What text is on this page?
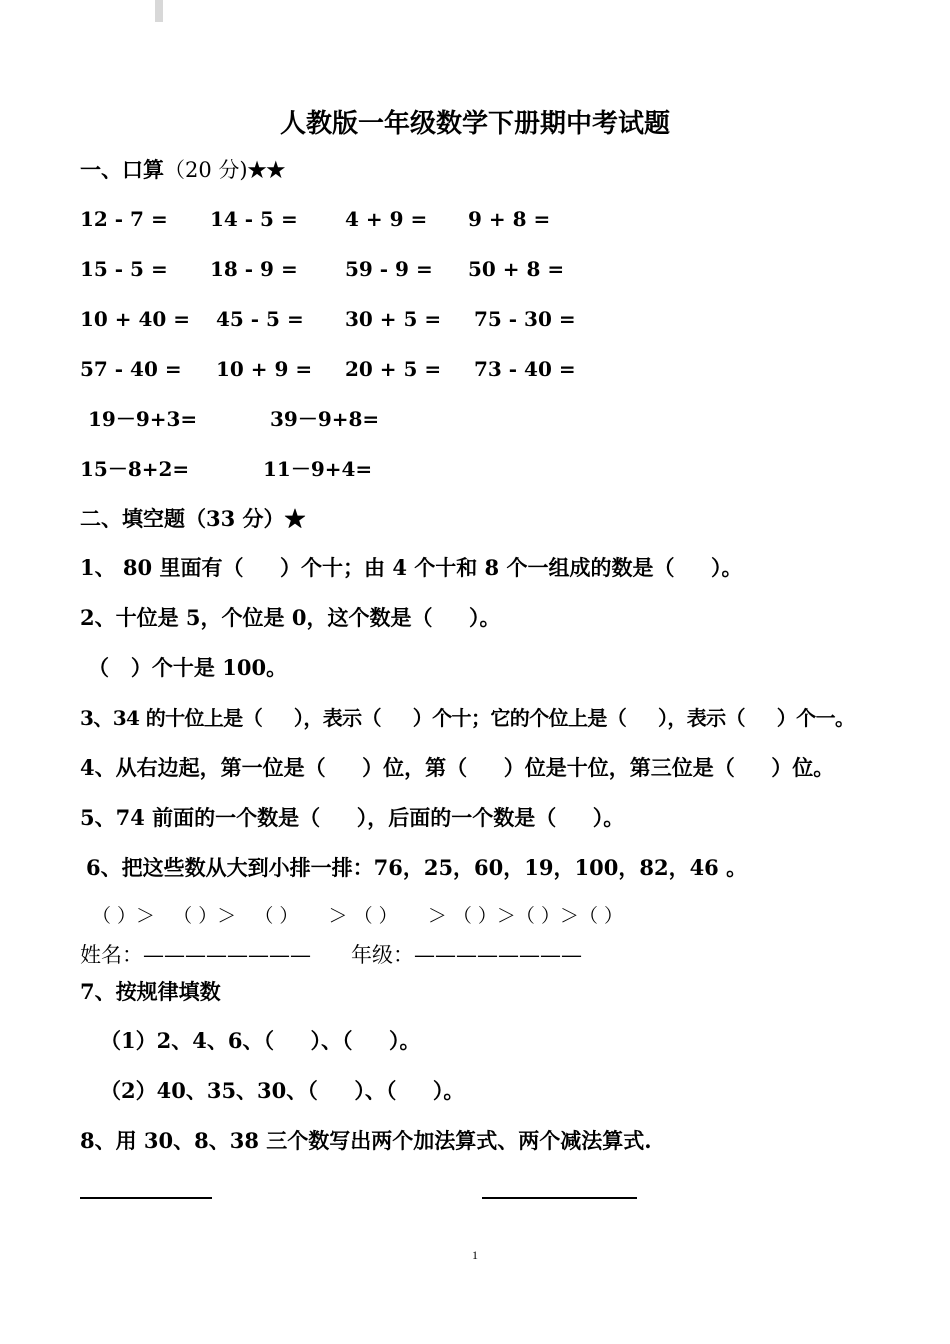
人教版一年级数学下册期中考试题
一、口算（20 分)★★
12 - 7 = 14 - 5 = 4 + 9 = 9 + 8 =
15 - 5 = 18 - 9 = 59 - 9 = 50 + 8 =
10 + 40 = 45 - 5 = 30 + 5 = 75 - 30 =
57 - 40 = 10 + 9 = 20 + 5 = 73 - 40 =
19－9+3=	39－9+8=
15－8+2=	11－9+4=
二、填空题（33 分）★
1、 80 里面有（     ）个十；由 4 个十和 8 个一组成的数是（     ）。
2、十位是 5，个位是 0，这个数是（     ）。
（   ）个十是 100。
3、34 的十位上是（     ），表示（     ）个十；它的个位上是（     ），表示（     ）个一。
4、从右边起，第一位是（     ）位，第（     ）位是十位，第三位是（     ）位。
5、74 前面的一个数是（     ），后面的一个数是（     ）。
6、把这些数从大到小排一排：76，25，60，19，100，82，46 。
（ ）＞   （ ）＞   （ ）     ＞ （ ）     ＞ （ ）＞（ ）＞（ ）
姓名：————————      年级：————————
7、按规律填数
（1）2、4、6、（     ）、（     ）。
（2）40、35、30、（     ）、（     ）。
8、用 30、8、38 三个数写出两个加法算式、两个减法算式.
1
